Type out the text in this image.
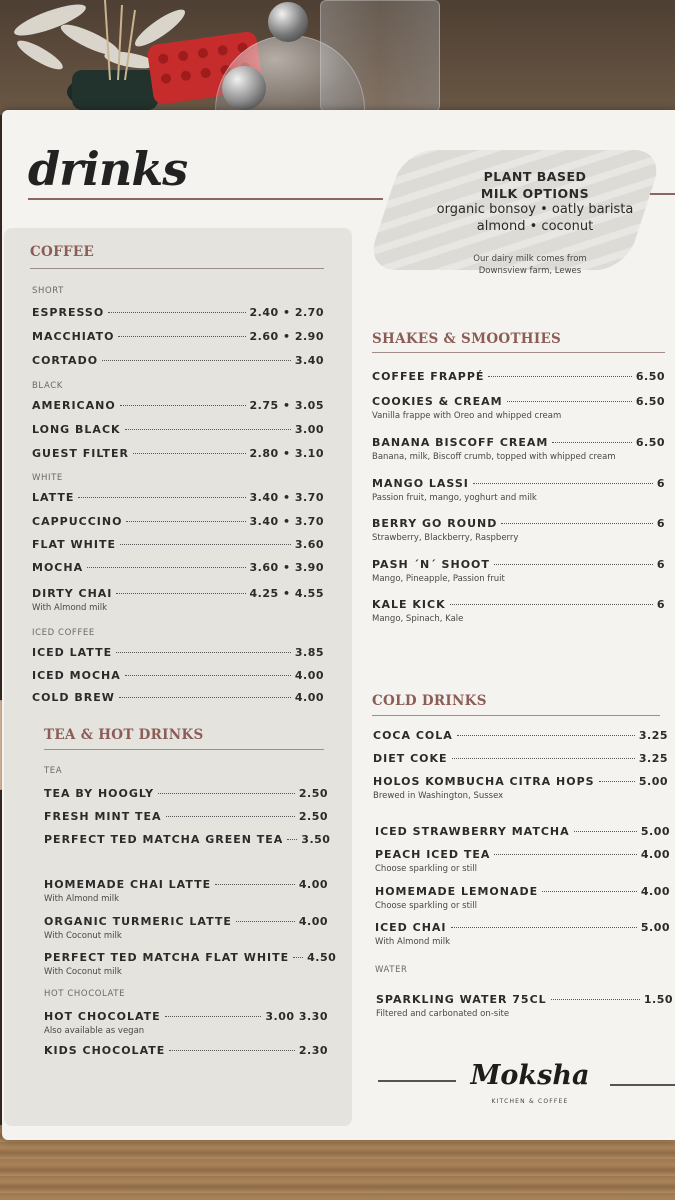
drinks	PLANT BASED
MILK OPTIONS
organic bonsoy • oatly barista
almond • coconut
Our dairy milk comes from
Downsview farm, Lewes
COFFEE
SHORT
ESPRESSO	2.40 • 2.70
MACCHIATO	2.60 • 2.90
CORTADO	3.40
BLACK
AMERICANO	2.75 • 3.05
LONG BLACK	3.00
GUEST FILTER	2.80 • 3.10
WHITE
LATTE	3.40 • 3.70
CAPPUCCINO	3.40 • 3.70
FLAT WHITE	3.60
MOCHA	3.60 • 3.90
DIRTY CHAI	4.25 • 4.55
With Almond milk
ICED COFFEE
ICED LATTE	3.85
ICED MOCHA	4.00
COLD BREW	4.00
TEA & HOT DRINKS
TEA
TEA BY HOOGLY	2.50
FRESH MINT TEA	2.50
PERFECT TED MATCHA GREEN TEA 3.50
HOMEMADE CHAI LATTE	4.00
With Almond milk
ORGANIC TURMERIC LATTE	4.00
With Coconut milk
PERFECT TED MATCHA FLAT WHITE 4.50
With Coconut milk
HOT CHOCOLATE
HOT CHOCOLATE	3.00 3.30
Also available as vegan
KIDS CHOCOLATE	2.30
SHAKES & SMOOTHIES
COFFEE FRAPPÉ	6.50
COOKIES & CREAM	6.50
Vanilla frappe with Oreo and whipped cream
BANANA BISCOFF CREAM	6.50
Banana, milk, Biscoff crumb, topped with whipped cream
MANGO LASSI	6
Passion fruit, mango, yoghurt and milk
BERRY GO ROUND	6
Strawberry, Blackberry, Raspberry
PASH ´N´ SHOOT	6
Mango, Pineapple, Passion fruit
KALE KICK	6
Mango, Spinach, Kale
COLD DRINKS
COCA COLA	3.25
DIET COKE	3.25
HOLOS KOMBUCHA CITRA HOPS	5.00
Brewed in Washington, Sussex
ICED STRAWBERRY MATCHA	5.00
PEACH ICED TEA	4.00
Choose sparkling or still
HOMEMADE LEMONADE	4.00
Choose sparkling or still
ICED CHAI	5.00
With Almond milk
WATER
SPARKLING WATER 75CL	1.50
Filtered and carbonated on-site
Moksha
KITCHEN & COFFEE
